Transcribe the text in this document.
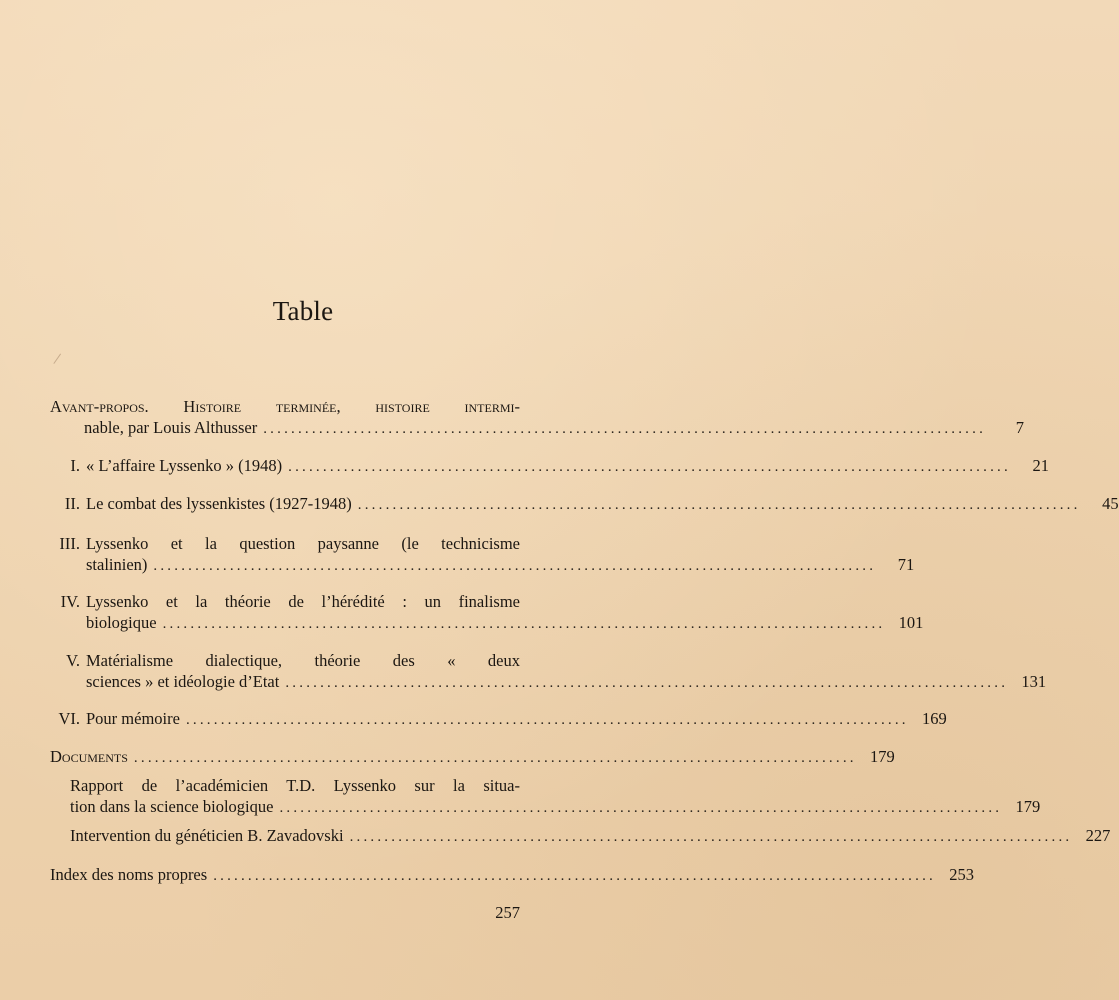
Table
Avant-propos. Histoire terminée, histoire intermi-
nable, par Louis Althusser ........................................................................................................	7
I. « L’affaire Lyssenko » (1948) ........................................................................................................	21
II. Le combat des lyssenkistes (1927-1948) ........................................................................................................	45
III. Lyssenko et la question paysanne (le technicisme
stalinien) ........................................................................................................	71
IV. Lyssenko et la théorie de l’hérédité : un finalisme
biologique ........................................................................................................ 101
V. Matérialisme dialectique, théorie des « deux
sciences » et idéologie d’Etat ........................................................................................................ 131
VI. Pour mémoire ........................................................................................................ 169
Documents ........................................................................................................ 179
Rapport de l’académicien T.D. Lyssenko sur la situa-
tion dans la science biologique ........................................................................................................ 179
Intervention du généticien B. Zavadovski ........................................................................................................ 227
Index des noms propres ........................................................................................................ 253
257
